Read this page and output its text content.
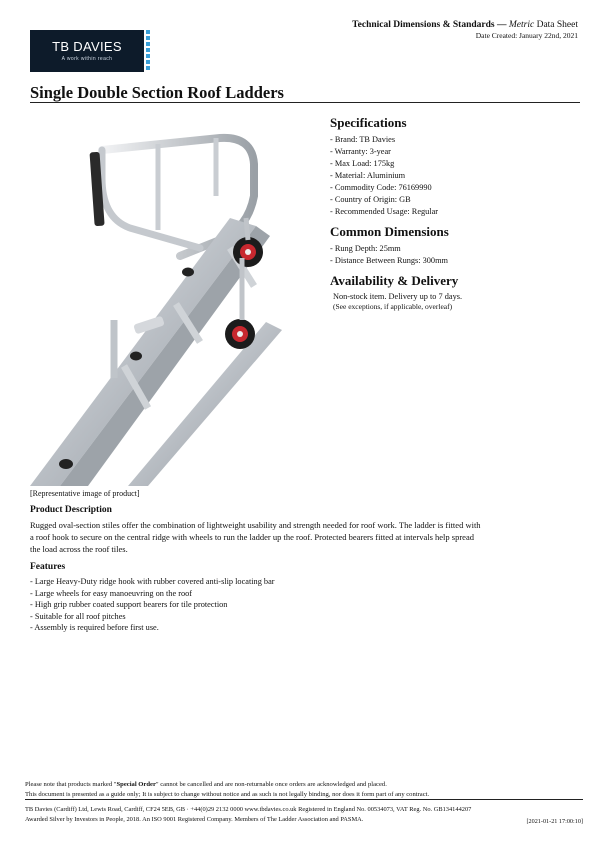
TB DAVIES
A work within reach
Technical Dimensions & Standards — Metric Data Sheet
Date Created: January 22nd, 2021
Single Double Section Roof Ladders
[Representative image of product]
Specifications
- Brand: TB Davies
- Warranty: 3-year
- Max Load: 175kg
- Material: Aluminium
- Commodity Code: 76169990
- Country of Origin: GB
- Recommended Usage: Regular
Common Dimensions
- Rung Depth: 25mm
- Distance Between Rungs: 300mm
Availability & Delivery
Non-stock item. Delivery up to 7 days.
(See exceptions, if applicable, overleaf)
Product Description
Rugged oval-section stiles offer the combination of lightweight usability and strength needed for roof work. The ladder is fitted with
a roof hook to secure on the central ridge with wheels to run the ladder up the roof. Protected bearers fitted at intervals help spread
the load across the roof tiles.
Features
- Large Heavy-Duty ridge hook with rubber covered anti-slip locating bar
- Large wheels for easy manoeuvring on the roof
- High grip rubber coated support bearers for tile protection
- Suitable for all roof pitches
- Assembly is required before first use.
Please note that products marked "Special Order" cannot be cancelled and are non-returnable once orders are acknowledged and placed.
This document is presented as a guide only; It is subject to change without notice and as such is not legally binding, nor does it form part of any contract.
TB Davies (Cardiff) Ltd, Lewis Road, Cardiff, CF24 5EB, GB · +44(0)29 2132 0000 www.tbdavies.co.uk Registered in England No. 00534073, VAT Reg. No. GB134144207
Awarded Silver by Investors in People, 2018. An ISO 9001 Registered Company. Members of The Ladder Association and PASMA.	[2021-01-21 17:00:10]
